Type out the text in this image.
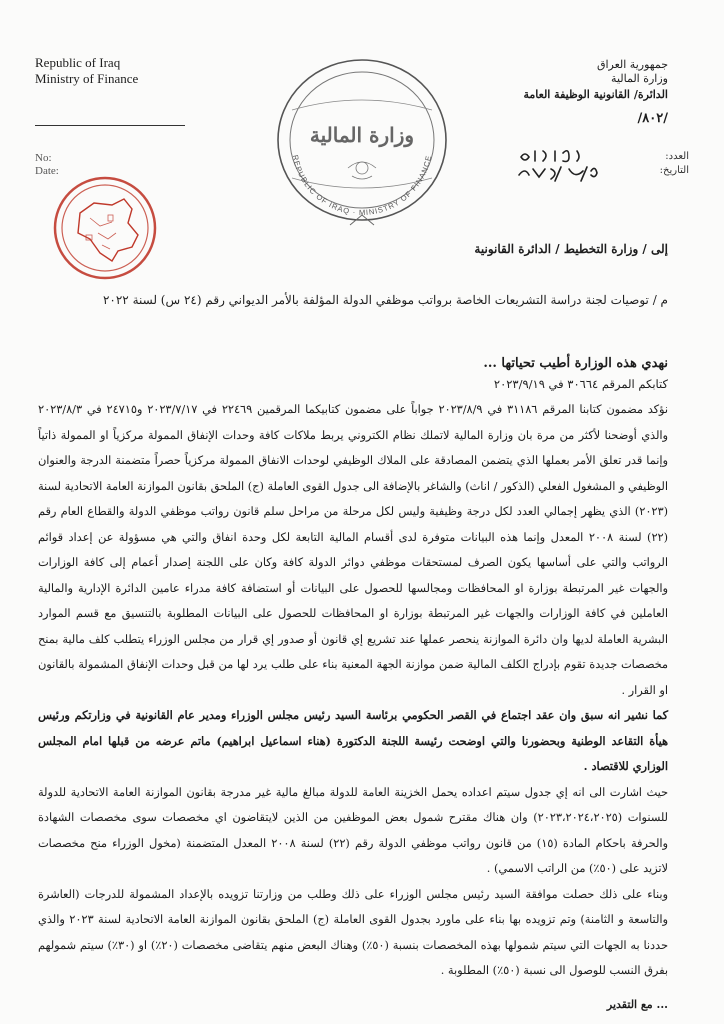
Republic of Iraq
Ministry of Finance
No:
Date:
جمهورية العراق
وزارة المالية
الدائرة/ القانونية الوظيفة العامة
/٨٠٢/
العدد:
التاريخ:
وزارة المالية
REPUBLIC OF IRAQ · MINISTRY OF FINANCE
إلى / وزارة التخطيط / الدائرة القانونية
م / توصيات لجنة دراسة التشريعات الخاصة برواتب موظفي الدولة المؤلفة بالأمر الديواني رقم (٢٤ س) لسنة ٢٠٢٢
نهدي هذه الوزارة أطيب تحياتها ...
كتابكم المرقم ٣٠٦٦٤ في ٢٠٢٣/٩/١٩

نؤكد مضمون كتابنا المرقم ٣١١٨٦ في ٢٠٢٣/٨/٩ جواباً على مضمون كتابيكما المرقمين ٢٢٤٦٩ في ٢٠٢٣/٧/١٧ و٢٤٧١٥ في ٢٠٢٣/٨/٣ والذي أوضحنا لأكثر من مرة بان وزارة المالية لاتملك نظام الكتروني يربط ملاكات كافة وحدات الإنفاق الممولة مركزياً او الممولة ذاتياً وإنما قدر تعلق الأمر بعملها الذي يتضمن المصادقة على الملاك الوظيفي لوحدات الانفاق الممولة مركزياً حصراً متضمنة الدرجة والعنوان الوظيفي و المشغول الفعلي (الذكور / اناث) والشاغر بالإضافة الى جدول القوى العاملة (ج) الملحق بقانون الموازنة العامة الاتحادية لسنة (٢٠٢٣) الذي يظهر إجمالي العدد لكل درجة وظيفية وليس لكل مرحلة من مراحل سلم قانون رواتب موظفي الدولة والقطاع العام رقم (٢٢) لسنة ٢٠٠٨ المعدل وإنما هذه البيانات متوفرة لدى أقسام المالية التابعة لكل وحدة انفاق والتي هي مسؤولة عن إعداد قوائم الرواتب والتي على أساسها يكون الصرف لمستحقات موظفي دوائر الدولة كافة وكان على اللجنة إصدار أعمام إلى كافة الوزارات والجهات غير المرتبطة بوزارة او المحافظات ومجالسها للحصول على البيانات أو استضافة كافة مدراء عامين الدائرة الإدارية والمالية العاملين في كافة الوزارات والجهات غير المرتبطة بوزارة او المحافظات للحصول على البيانات المطلوبة بالتنسيق مع قسم الموارد البشرية العاملة لديها وان دائرة الموازنة ينحصر عملها عند تشريع إي قانون أو صدور إي قرار من مجلس الوزراء يتطلب كلف مالية بمنح مخصصات جديدة تقوم بإدراج الكلف المالية ضمن موازنة الجهة المعنية بناء على طلب يرد لها من قبل وحدات الإنفاق المشمولة بالقانون او القرار .

كما نشير انه سبق وان عقد اجتماع في القصر الحكومي برئاسة السيد رئيس مجلس الوزراء ومدير عام القانونية في وزارتكم ورئيس هيأة التقاعد الوطنية وبحضورنا والتي اوضحت رئيسة اللجنة الدكتورة (هناء اسماعيل ابراهيم) ماتم عرضه من قبلها امام المجلس الوزاري للاقتصاد .

حيث اشارت الى انه إي جدول سيتم اعداده يحمل الخزينة العامة للدولة مبالغ مالية غير مدرجة بقانون الموازنة العامة الاتحادية للدولة للسنوات (٢٠٢٣،٢٠٢٤،٢٠٢٥) وان هناك مقترح شمول بعض الموظفين من الذين لايتقاضون اي مخصصات سوى مخصصات الشهادة والحرفة باحكام المادة (١٥) من قانون رواتب موظفي الدولة رقم (٢٢) لسنة ٢٠٠٨ المعدل المتضمنة (مخول الوزراء منح مخصصات لاتزيد على (٥٠٪) من الراتب الاسمي) .

وبناء على ذلك حصلت موافقة السيد رئيس مجلس الوزراء على ذلك وطلب من وزارتنا تزويده بالإعداد المشمولة للدرجات (العاشرة والتاسعة و الثامنة) وتم تزويده بها بناء على ماورد بجدول القوى العاملة (ج) الملحق بقانون الموازنة العامة الاتحادية لسنة ٢٠٢٣ والذي حددنا به الجهات التي سيتم شمولها بهذه المخصصات بنسبة (٥٠٪) وهناك البعض منهم يتقاضى مخصصات (٢٠٪) او (٣٠٪) سيتم شمولهم بفرق النسب للوصول الى نسبة (٥٠٪) المطلوبة .

... مع التقدير
